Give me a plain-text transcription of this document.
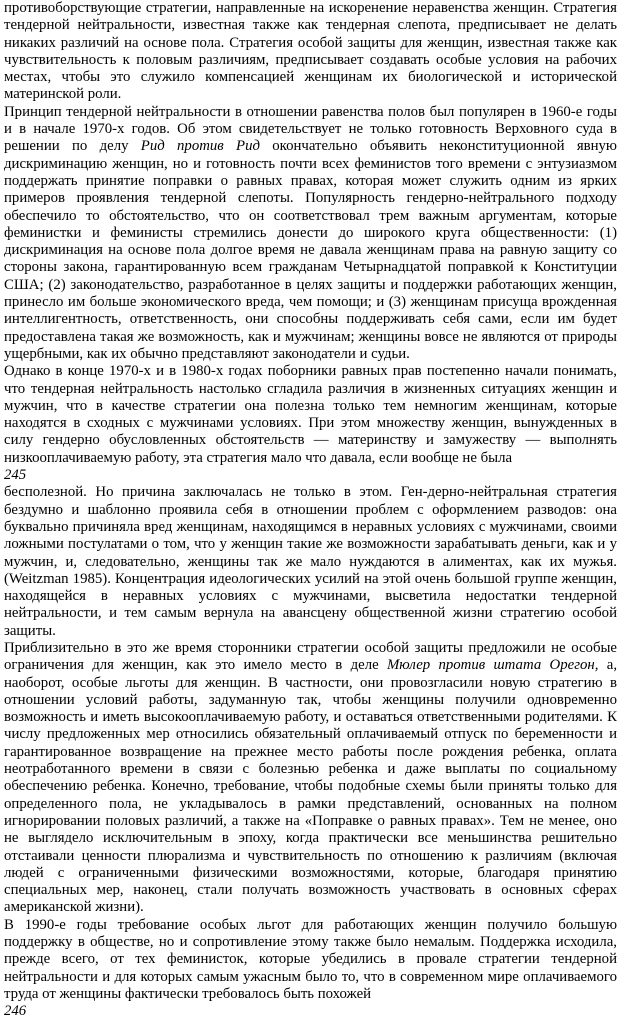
противоборствующие стратегии, направленные на искоренение неравенства женщин. Стратегия тендерной нейтральности, известная также как тендерная слепота, предписывает не делать никаких различий на основе пола. Стратегия особой защиты для женщин, известная также как чувствительность к половым различиям, предписывает создавать особые условия на рабочих местах, чтобы это служило компенсацией женщинам их биологической и исторической материнской роли.

Принцип тендерной нейтральности в отношении равенства полов был популярен в 1960-е годы и в начале 1970-х годов. Об этом свидетельствует не только готовность Верховного суда в решении по делу Рид против Рид окончательно объявить неконституционной явную дискриминацию женщин, но и готовность почти всех феминистов того времени с энтузиазмом поддержать принятие поправки о равных правах, которая может служить одним из ярких примеров проявления тендерной слепоты. Популярность гендерно-нейтрального подходу обеспечило то обстоятельство, что он соответствовал трем важным аргументам, которые феминистки и феминисты стремились донести до широкого круга общественности: (1) дискриминация на основе пола долгое время не давала женщинам права на равную защиту со стороны закона, гарантированную всем гражданам Четырнадцатой поправкой к Конституции США; (2) законодательство, разработанное в целях защиты и поддержки работающих женщин, принесло им больше экономического вреда, чем помощи; и (3) женщинам присуща врожденная интеллигентность, ответственность, они способны поддерживать себя сами, если им будет предоставлена такая же возможность, как и мужчинам; женщины вовсе не являются от природы ущербными, как их обычно представляют законодатели и судьи.

Однако в конце 1970-х и в 1980-х годах поборники равных прав постепенно начали понимать, что тендерная нейтральность настолько сгладила различия в жизненных ситуациях женщин и мужчин, что в качестве стратегии она полезна только тем немногим женщинам, которые находятся в сходных с мужчинами условиях. При этом множеству женщин, вынужденных в силу гендерно обусловленных обстоятельств — материнству и замужеству — выполнять низкооплачиваемую работу, эта стратегия мало что давала, если вообще не была

245

бесполезной. Но причина заключалась не только в этом. Ген-дерно-нейтральная стратегия бездумно и шаблонно проявила себя в отношении проблем с оформлением разводов: она буквально причиняла вред женщинам, находящимся в неравных условиях с мужчинами, своими ложными постулатами о том, что у женщин такие же возможности зарабатывать деньги, как и у мужчин, и, следовательно, женщины так же мало нуждаются в алиментах, как их мужья. (Weitzman 1985). Концентрация идеологических усилий на этой очень большой группе женщин, находящейся в неравных условиях с мужчинами, высветила недостатки тендерной нейтральности, и тем самым вернула на авансцену общественной жизни стратегию особой защиты.

Приблизительно в это же время сторонники стратегии особой защиты предложили не особые ограничения для женщин, как это имело место в деле Мюлер против штата Орегон, а, наоборот, особые льготы для женщин. В частности, они провозгласили новую стратегию в отношении условий работы, задуманную так, чтобы женщины получили одновременно возможность и иметь высокооплачиваемую работу, и оставаться ответственными родителями. К числу предложенных мер относились обязательный оплачиваемый отпуск по беременности и гарантированное возвращение на прежнее место работы после рождения ребенка, оплата неотработанного времени в связи с болезнью ребенка и даже выплаты по социальному обеспечению ребенка. Конечно, требование, чтобы подобные схемы были приняты только для определенного пола, не укладывалось в рамки представлений, основанных на полном игнорировании половых различий, а также на «Поправке о равных правах». Тем не менее, оно не выглядело исключительным в эпоху, когда практически все меньшинства решительно отстаивали ценности плюрализма и чувствительность по отношению к различиям (включая людей с ограниченными физическими возможностями, которые, благодаря принятию специальных мер, наконец, стали получать возможность участвовать в основных сферах американской жизни).

В 1990-е годы требование особых льгот для работающих женщин получило большую поддержку в обществе, но и сопротивление этому также было немалым. Поддержка исходила, прежде всего, от тех феминисток, которые убедились в провале стратегии тендерной нейтральности и для которых самым ужасным было то, что в современном мире оплачиваемого труда от женщины фактически требовалось быть похожей

246
